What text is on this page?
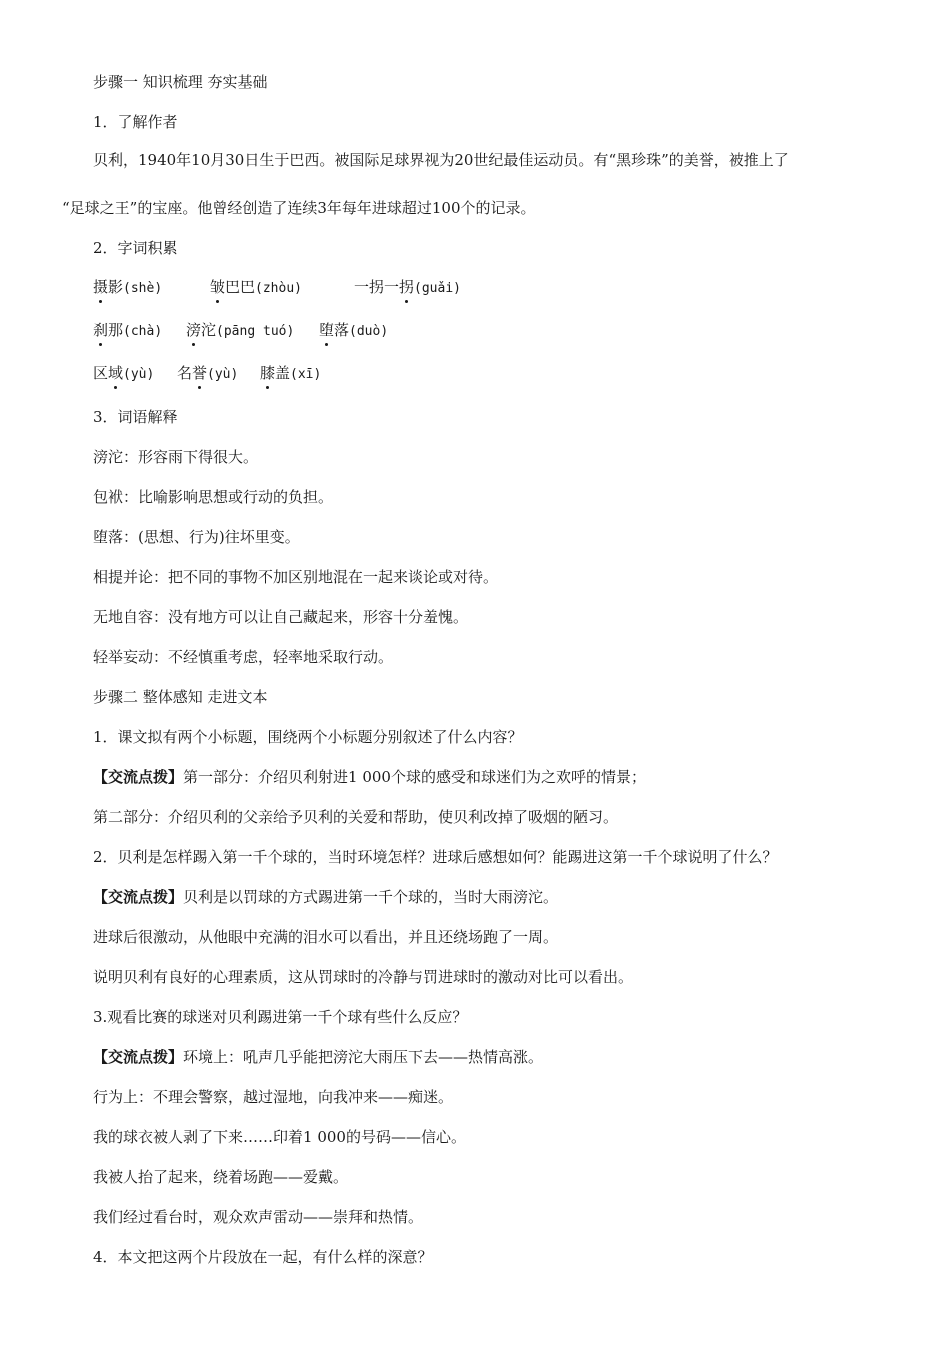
步骤一 知识梳理 夯实基础
1．了解作者
贝利，1940年10月30日生于巴西。被国际足球界视为20世纪最佳运动员。有“黑珍珠”的美誉，被推上了
“足球之王”的宝座。他曾经创造了连续3年每年进球超过100个的记录。
2．字词积累
摄影(shè)	皱巴巴(zhòu)	一拐一拐(guǎi)
刹那(chà) 滂沱(pāng tuó) 堕落(duò)
区域(yù) 名誉(yù) 膝盖(xī)
3．词语解释
滂沱：形容雨下得很大。
包袱：比喻影响思想或行动的负担。
堕落：(思想、行为)往坏里变。
相提并论：把不同的事物不加区别地混在一起来谈论或对待。
无地自容：没有地方可以让自己藏起来，形容十分羞愧。
轻举妄动：不经慎重考虑，轻率地采取行动。
步骤二 整体感知 走进文本
1．课文拟有两个小标题，围绕两个小标题分别叙述了什么内容？
【交流点拨】第一部分：介绍贝利射进1 000个球的感受和球迷们为之欢呼的情景；
第二部分：介绍贝利的父亲给予贝利的关爱和帮助，使贝利改掉了吸烟的陋习。
2．贝利是怎样踢入第一千个球的，当时环境怎样？进球后感想如何？能踢进这第一千个球说明了什么？
【交流点拨】贝利是以罚球的方式踢进第一千个球的，当时大雨滂沱。
进球后很激动，从他眼中充满的泪水可以看出，并且还绕场跑了一周。
说明贝利有良好的心理素质，这从罚球时的冷静与罚进球时的激动对比可以看出。
3.观看比赛的球迷对贝利踢进第一千个球有些什么反应？
【交流点拨】环境上：吼声几乎能把滂沱大雨压下去——热情高涨。
行为上：不理会警察，越过湿地，向我冲来——痴迷。
我的球衣被人剥了下来……印着1 000的号码——信心。
我被人抬了起来，绕着场跑——爱戴。
我们经过看台时，观众欢声雷动——崇拜和热情。
4．本文把这两个片段放在一起，有什么样的深意？
